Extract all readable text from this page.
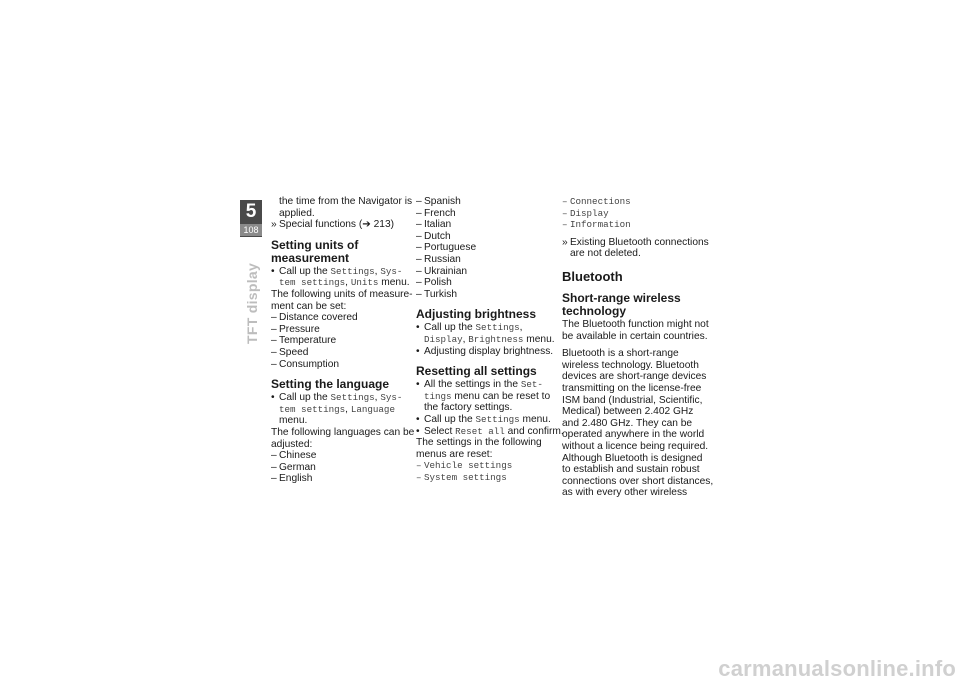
5
108
TFT display
the time from the Navigator is
applied.
» Special functions (➔ 213)
Setting units of
measurement
• Call up the Settings, Sys-
tem settings, Units menu.
The following units of measure-
ment can be set:
– Distance covered
– Pressure
– Temperature
– Speed
– Consumption
Setting the language
• Call up the Settings, Sys-
tem settings, Language
menu.
The following languages can be
adjusted:
– Chinese
– German
– English
– Spanish
– French
– Italian
– Dutch
– Portuguese
– Russian
– Ukrainian
– Polish
– Turkish
Adjusting brightness
• Call up the Settings,
Display, Brightness menu.
• Adjusting display brightness.
Resetting all settings
• All the settings in the Set-
tings menu can be reset to
the factory settings.
• Call up the Settings menu.
• Select Reset all and confirm.
The settings in the following
menus are reset:
– Vehicle settings
– System settings
– Connections
– Display
– Information
» Existing Bluetooth connections
are not deleted.
Bluetooth
Short-range wireless
technology
The Bluetooth function might not
be available in certain countries.
Bluetooth is a short-range
wireless technology. Bluetooth
devices are short-range devices
transmitting on the license-free
ISM band (Industrial, Scientific,
Medical) between 2.402 GHz
and 2.480 GHz. They can be
operated anywhere in the world
without a licence being required.
Although Bluetooth is designed
to establish and sustain robust
connections over short distances,
as with every other wireless
carmanualsonline.info
